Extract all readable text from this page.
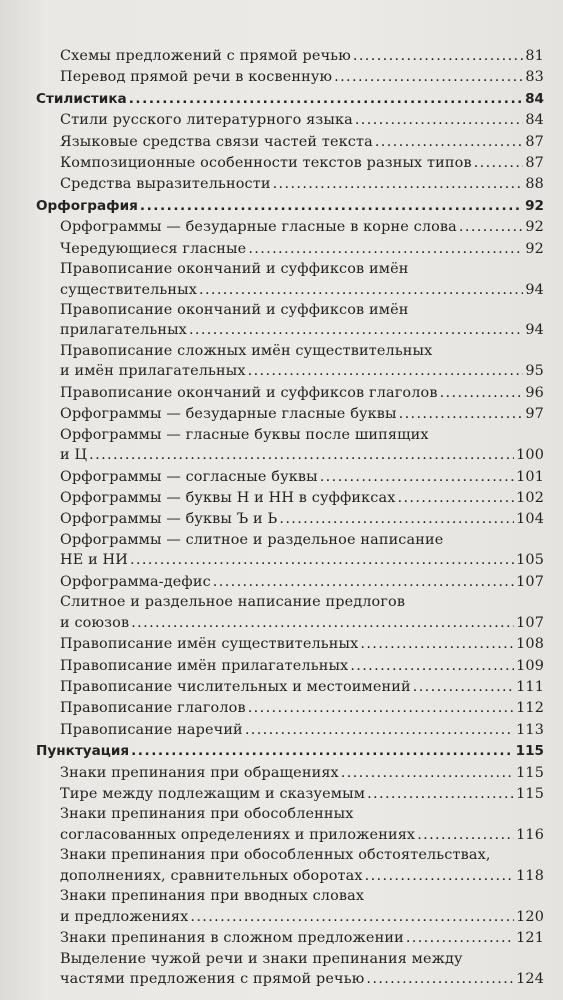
Схемы предложений с прямой речью . . .	81
Перевод прямой речи в косвенную . . .	83
Стилистика . . .	84
Стили русского литературного языка . . .	84
Языковые средства связи частей текста . . .	87
Композиционные особенности текстов разных типов . . .	87
Средства выразительности . . .	88
Орфография . . .	92
Орфограммы — безударные гласные в корне слова . . .	92
Чередующиеся гласные . . .	92
Правописание окончаний и суффиксов имён
существительных . . .	94
Правописание окончаний и суффиксов имён
прилагательных . . .	94
Правописание сложных имён существительных
и имён прилагательных . . .	95
Правописание окончаний и суффиксов глаголов . . .	96
Орфограммы — безударные гласные буквы . . .	97
Орфограммы — гласные буквы после шипящих
и Ц . . .	100
Орфограммы — согласные буквы . . .	101
Орфограммы — буквы Н и НН в суффиксах . . .	102
Орфограммы — буквы Ъ и Ь . . .	104
Орфограммы — слитное и раздельное написание
НЕ и НИ . . .	105
Орфограмма-дефис . . .	107
Слитное и раздельное написание предлогов
и союзов . . .	107
Правописание имён существительных . . .	108
Правописание имён прилагательных . . .	109
Правописание числительных и местоимений . . .	111
Правописание глаголов . . .	112
Правописание наречий . . .	113
Пунктуация . . .	115
Знаки препинания при обращениях . . .	115
Тире между подлежащим и сказуемым . . .	115
Знаки препинания при обособленных
согласованных определениях и приложениях . . .	116
Знаки препинания при обособленных обстоятельствах,
дополнениях, сравнительных оборотах . . .	118
Знаки препинания при вводных словах
и предложениях . . .	120
Знаки препинания в сложном предложении . . .	121
Выделение чужой речи и знаки препинания между
частями предложения с прямой речью . . .	124
